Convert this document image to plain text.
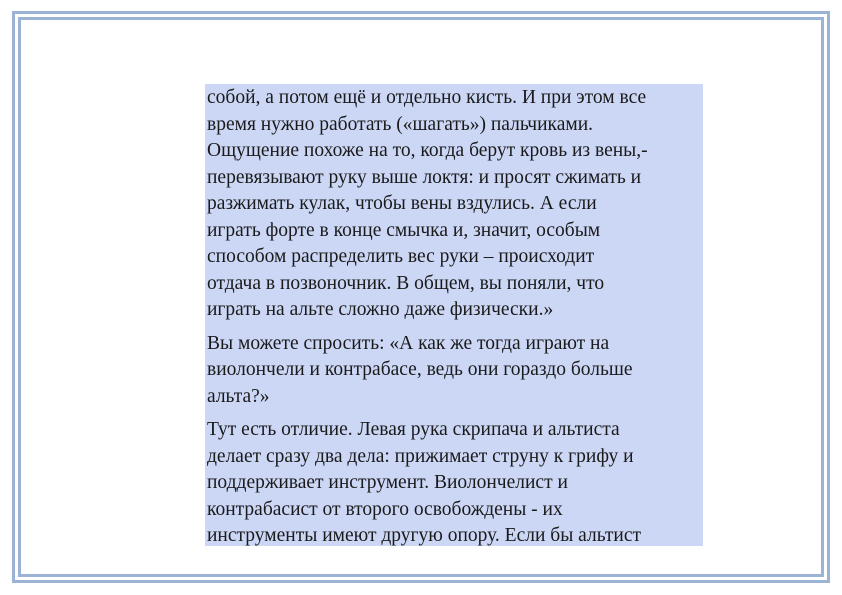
собой, а потом ещё и отдельно кисть. И при этом все
время нужно работать («шагать») пальчиками.
Ощущение похоже на то, когда берут кровь из вены,-
перевязывают руку выше локтя: и просят сжимать и
разжимать кулак, чтобы вены вздулись. А если
играть форте в конце смычка и, значит, особым
способом распределить вес руки – происходит
отдача в позвоночник. В общем, вы поняли, что
играть на альте сложно даже физически.»

Вы можете спросить: «А как же тогда играют на
виолончели и контрабасе, ведь они гораздо больше
альта?»

Тут есть отличие. Левая рука скрипача и альтиста
делает сразу два дела: прижимает струну к грифу и
поддерживает инструмент. Виолончелист и
контрабасист от второго освобождены - их
инструменты имеют другую опору. Если бы альтист
